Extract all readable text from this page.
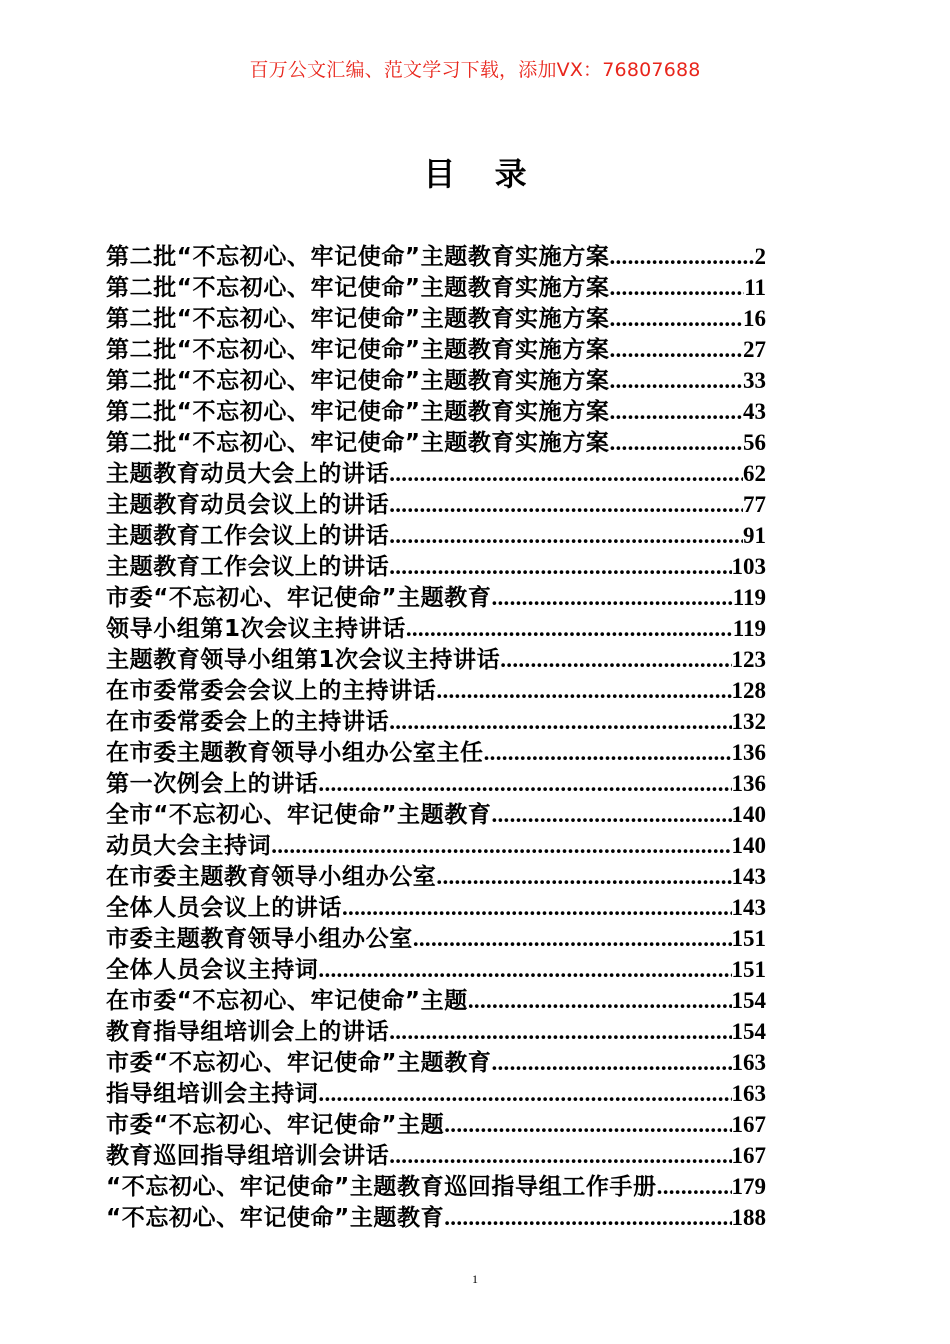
百万公文汇编、范文学习下载，添加VX：76807688
目 录
第二批“不忘初心、牢记使命”主题教育实施方案 .....	2
第二批“不忘初心、牢记使命”主题教育实施方案 .....	11
第二批“不忘初心、牢记使命”主题教育实施方案 .....	16
第二批“不忘初心、牢记使命”主题教育实施方案 .....	27
第二批“不忘初心、牢记使命”主题教育实施方案 .....	33
第二批“不忘初心、牢记使命”主题教育实施方案 .....	43
第二批“不忘初心、牢记使命”主题教育实施方案 .....	56
主题教育动员大会上的讲话 .....	62
主题教育动员会议上的讲话 .....	77
主题教育工作会议上的讲话 .....	91
主题教育工作会议上的讲话 .....	103
市委“不忘初心、牢记使命”主题教育 .....	119
领导小组第1次会议主持讲话 .....	119
主题教育领导小组第1次会议主持讲话 .....	123
在市委常委会会议上的主持讲话 .....	128
在市委常委会上的主持讲话 .....	132
在市委主题教育领导小组办公室主任 .....	136
第一次例会上的讲话 .....	136
全市“不忘初心、牢记使命”主题教育 .....	140
动员大会主持词 .....	140
在市委主题教育领导小组办公室 .....	143
全体人员会议上的讲话 .....	143
市委主题教育领导小组办公室 .....	151
全体人员会议主持词 .....	151
在市委“不忘初心、牢记使命”主题 .....	154
教育指导组培训会上的讲话 .....	154
市委“不忘初心、牢记使命”主题教育 .....	163
指导组培训会主持词 .....	163
市委“不忘初心、牢记使命”主题 .....	167
教育巡回指导组培训会讲话 .....	167
“不忘初心、牢记使命”主题教育巡回指导组工作手册 .....	179
“不忘初心、牢记使命”主题教育 .....	188
1
